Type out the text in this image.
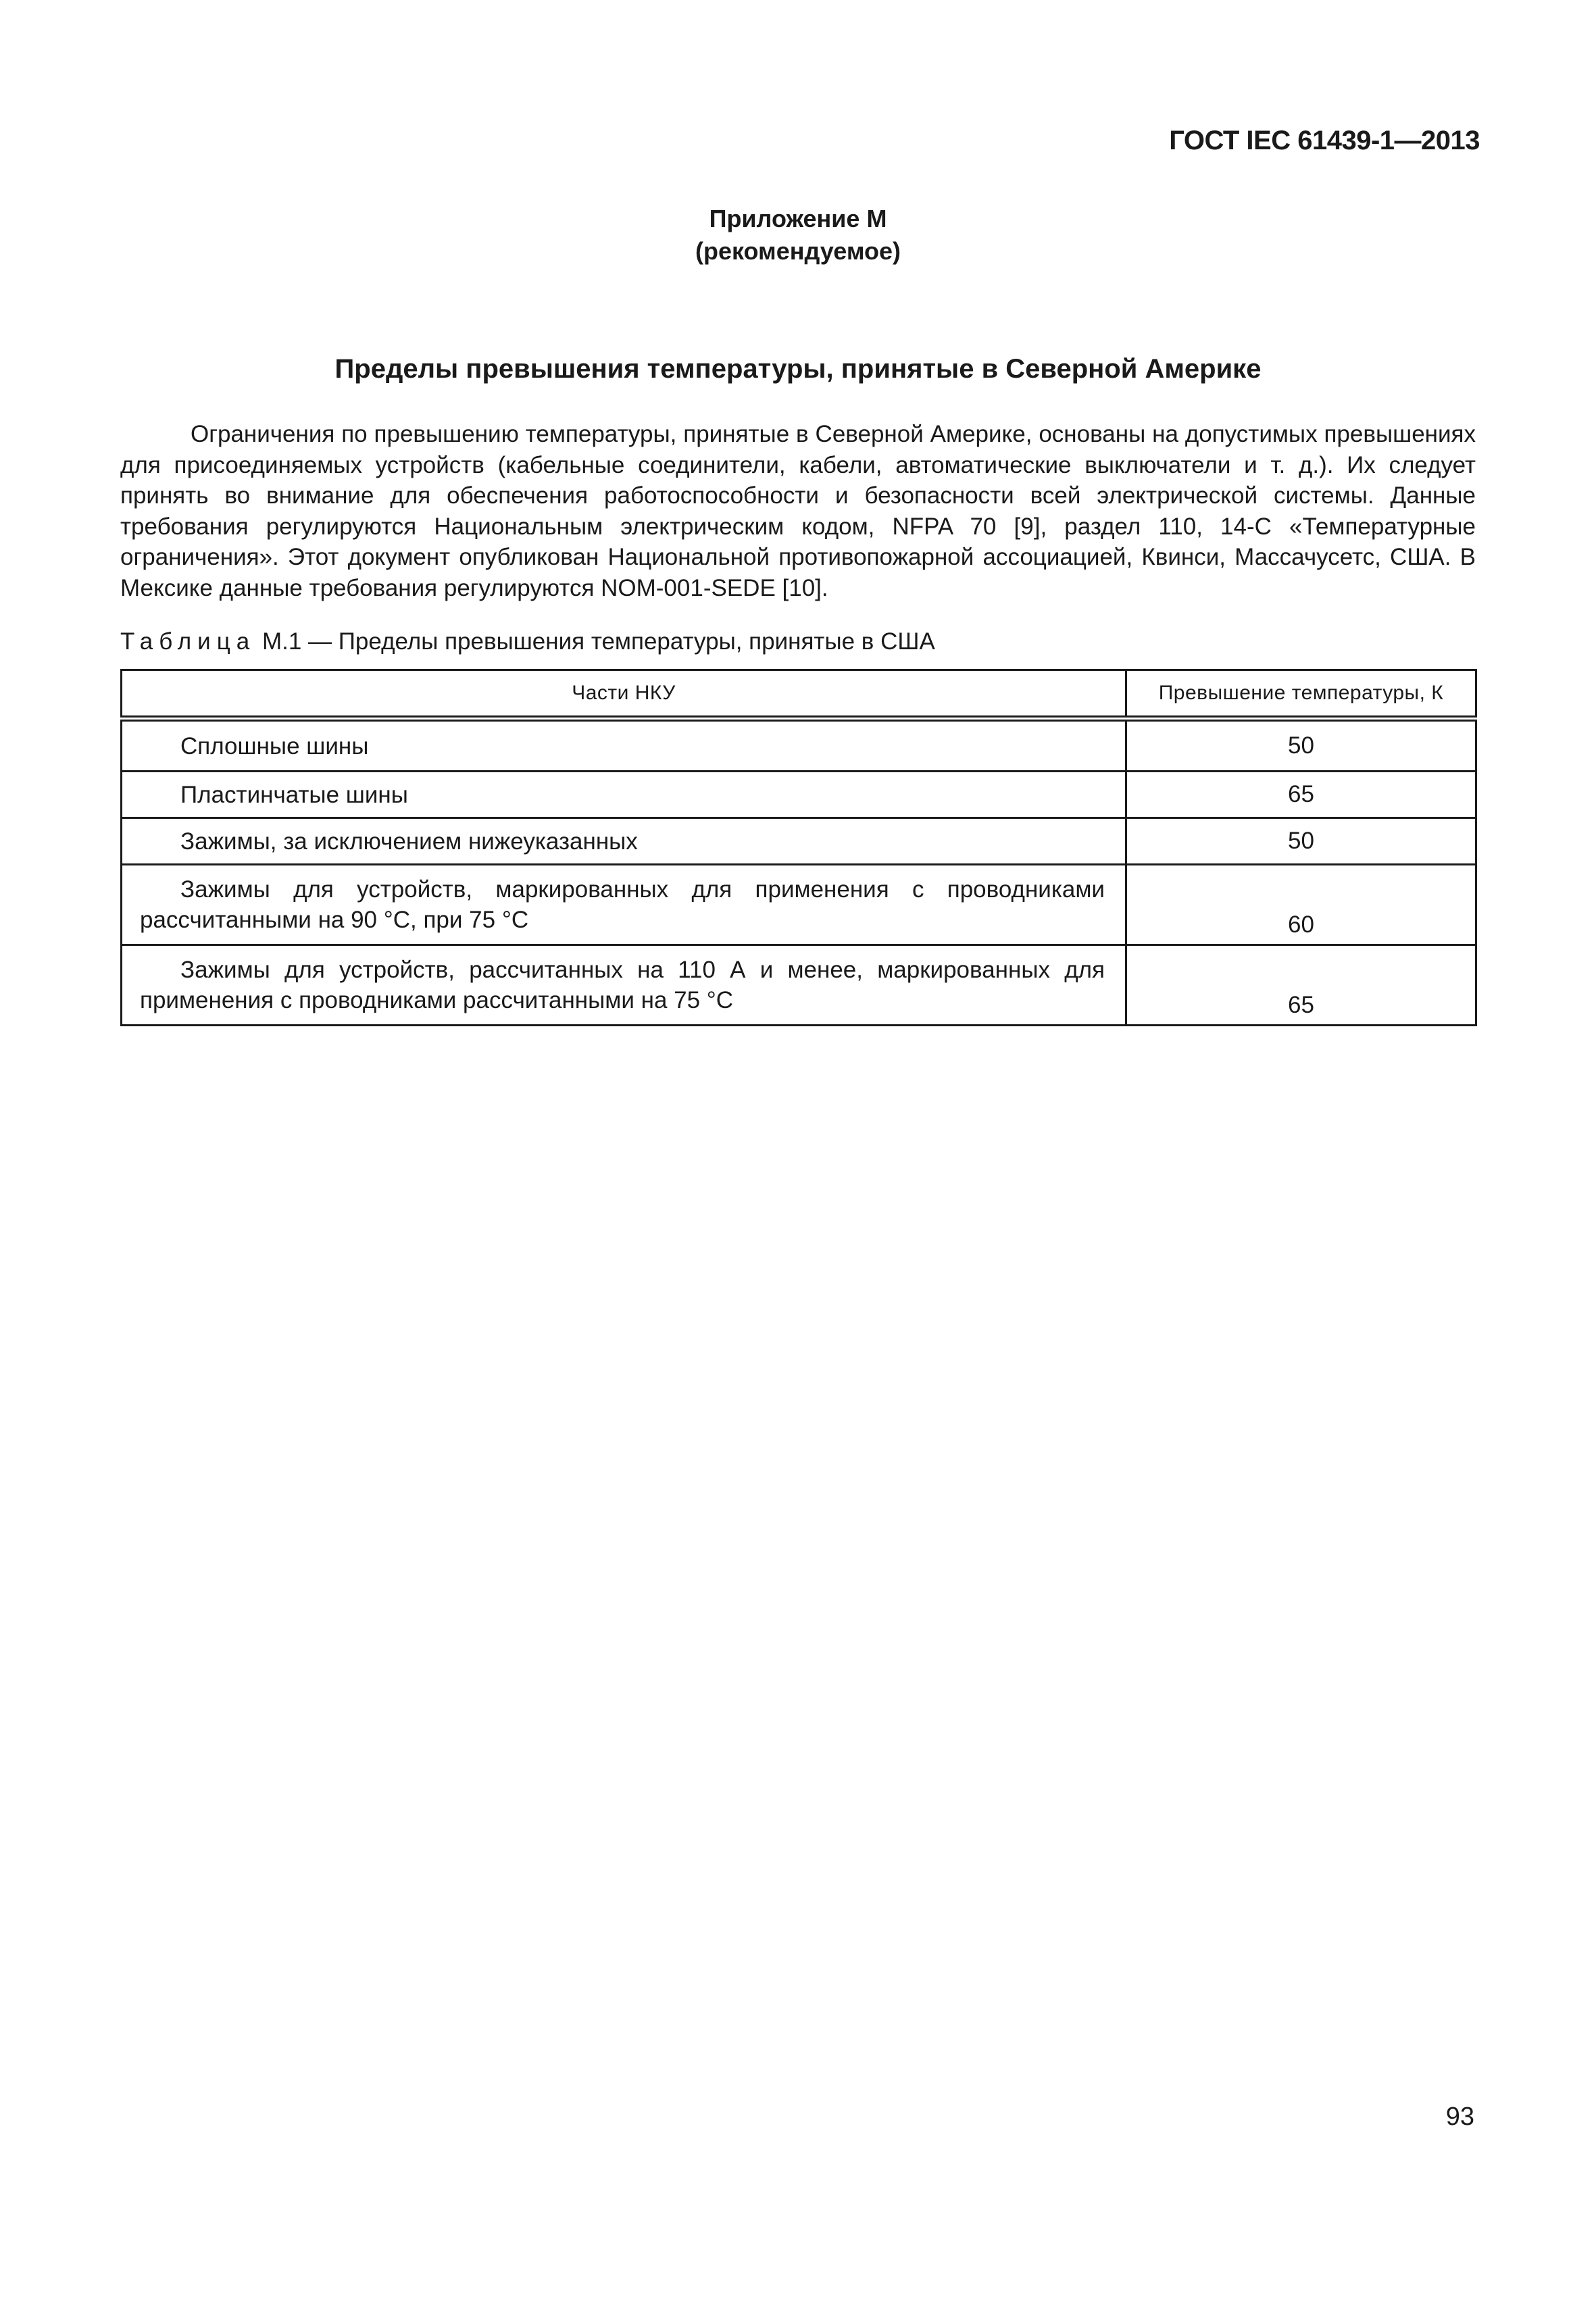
ГОСТ IEC 61439-1—2013
Приложение М
(рекомендуемое)
Пределы превышения температуры, принятые в Северной Америке

Ограничения по превышению температуры, принятые в Северной Америке, основаны на допустимых превышениях для присоединяемых устройств (кабельные соединители, кабели, автоматические выключатели и т. д.). Их следует принять во внимание для обеспечения работоспособности и безопасности всей электрической системы. Данные требования регулируются Национальным электрическим кодом, NFPA 70 [9], раздел 110, 14-С «Температурные ограничения». Этот документ опубликован Национальной противопожарной ассоциацией, Квинси, Массачусетс, США. В Мексике данные требования регулируются NOM-001-SEDE [10].

Таблица М.1 — Пределы превышения температуры, принятые в США
Части НКУ	Превышение температуры, К

Сплошные шины	50

Пластинчатые шины	65

Зажимы, за исключением нижеуказанных	50

Зажимы для устройств, маркированных для применения с проводниками рассчитанными на 90 °С, при 75 °С	60

Зажимы для устройств, рассчитанных на 110 А и менее, маркированных для применения с проводниками рассчитанными на 75 °С	65
93
